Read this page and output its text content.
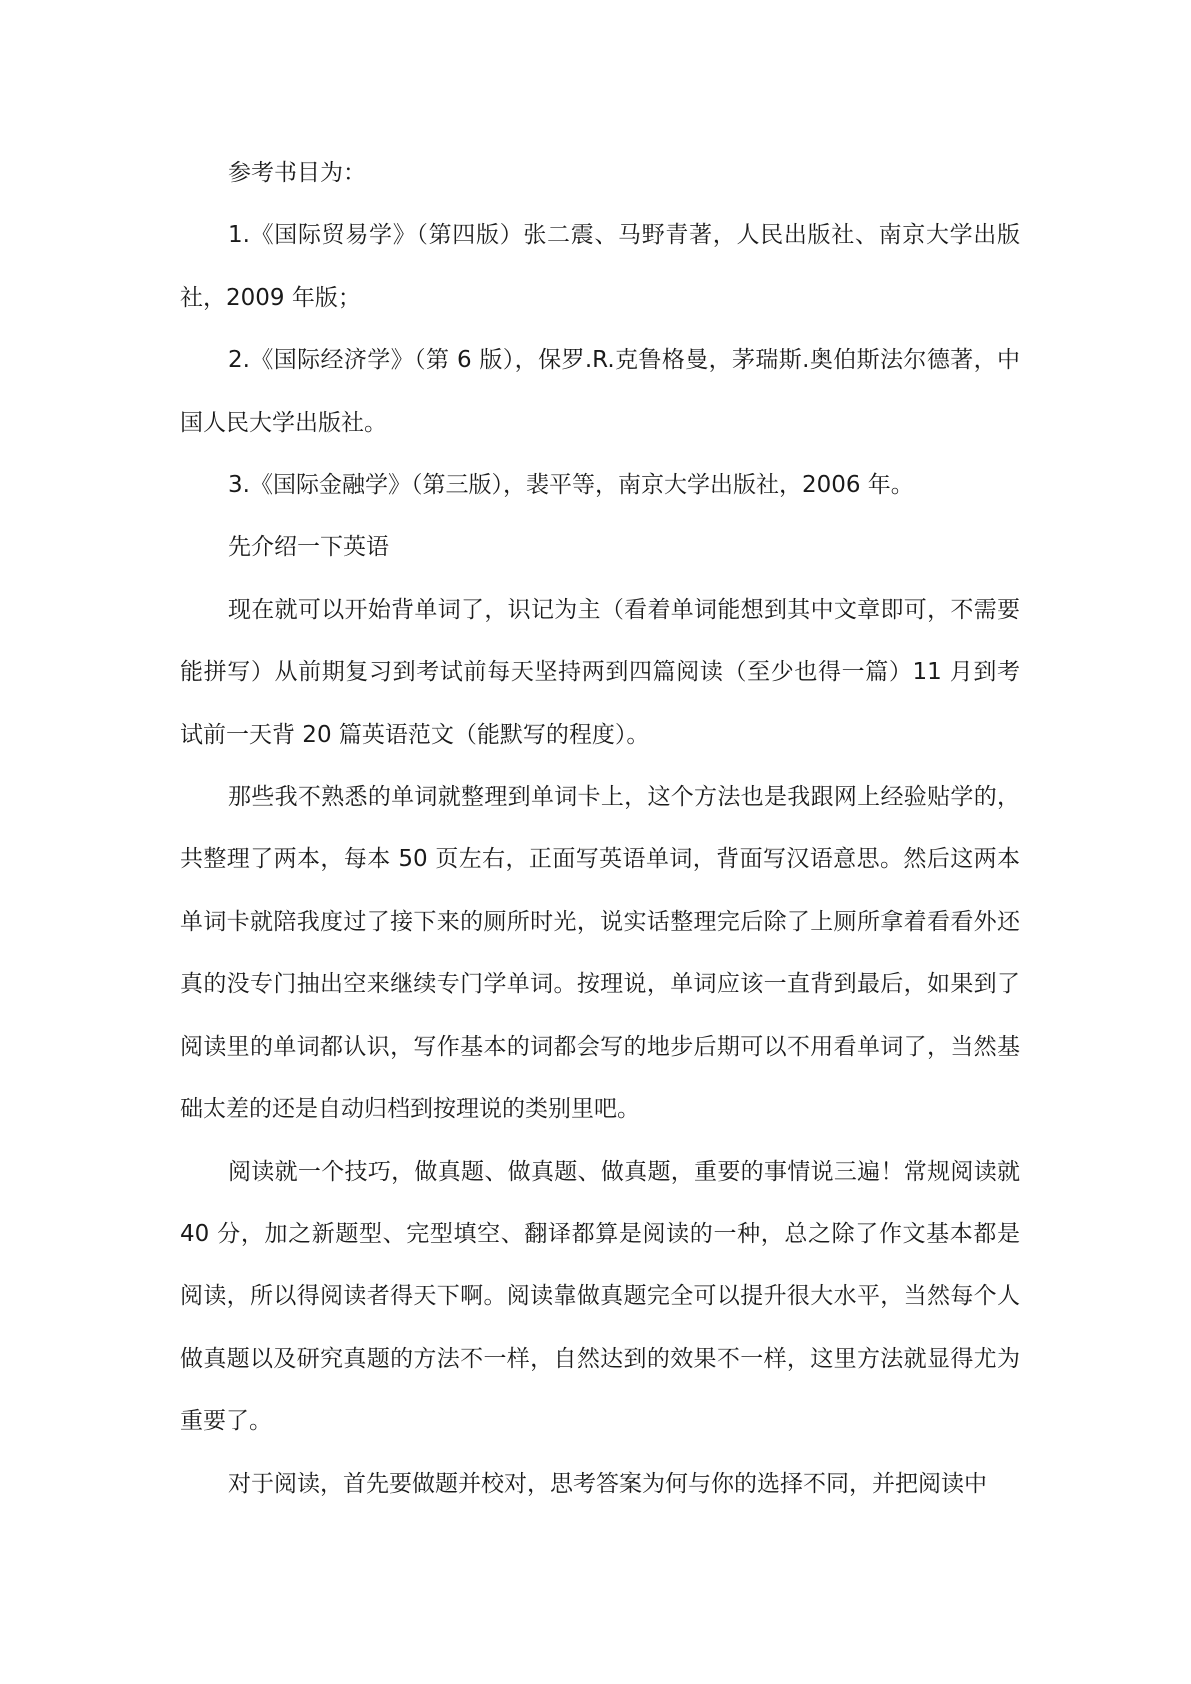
参考书目为：

1.《国际贸易学》（第四版）张二震、马野青著，人民出版社、南京大学出版社，2009 年版；

2.《国际经济学》（第 6 版），保罗.R.克鲁格曼，茅瑞斯.奥伯斯法尔德著，中国人民大学出版社。

3.《国际金融学》（第三版），裴平等，南京大学出版社，2006 年。

先介绍一下英语

现在就可以开始背单词了，识记为主（看着单词能想到其中文章即可，不需要能拼写）从前期复习到考试前每天坚持两到四篇阅读（至少也得一篇）11 月到考试前一天背 20 篇英语范文（能默写的程度）。

那些我不熟悉的单词就整理到单词卡上，这个方法也是我跟网上经验贴学的，共整理了两本，每本 50 页左右，正面写英语单词，背面写汉语意思。然后这两本单词卡就陪我度过了接下来的厕所时光，说实话整理完后除了上厕所拿着看看外还真的没专门抽出空来继续专门学单词。按理说，单词应该一直背到最后，如果到了阅读里的单词都认识，写作基本的词都会写的地步后期可以不用看单词了，当然基础太差的还是自动归档到按理说的类别里吧。

阅读就一个技巧，做真题、做真题、做真题，重要的事情说三遍！常规阅读就 40 分，加之新题型、完型填空、翻译都算是阅读的一种，总之除了作文基本都是阅读，所以得阅读者得天下啊。阅读靠做真题完全可以提升很大水平，当然每个人做真题以及研究真题的方法不一样，自然达到的效果不一样，这里方法就显得尤为重要了。

对于阅读，首先要做题并校对，思考答案为何与你的选择不同，并把阅读中
